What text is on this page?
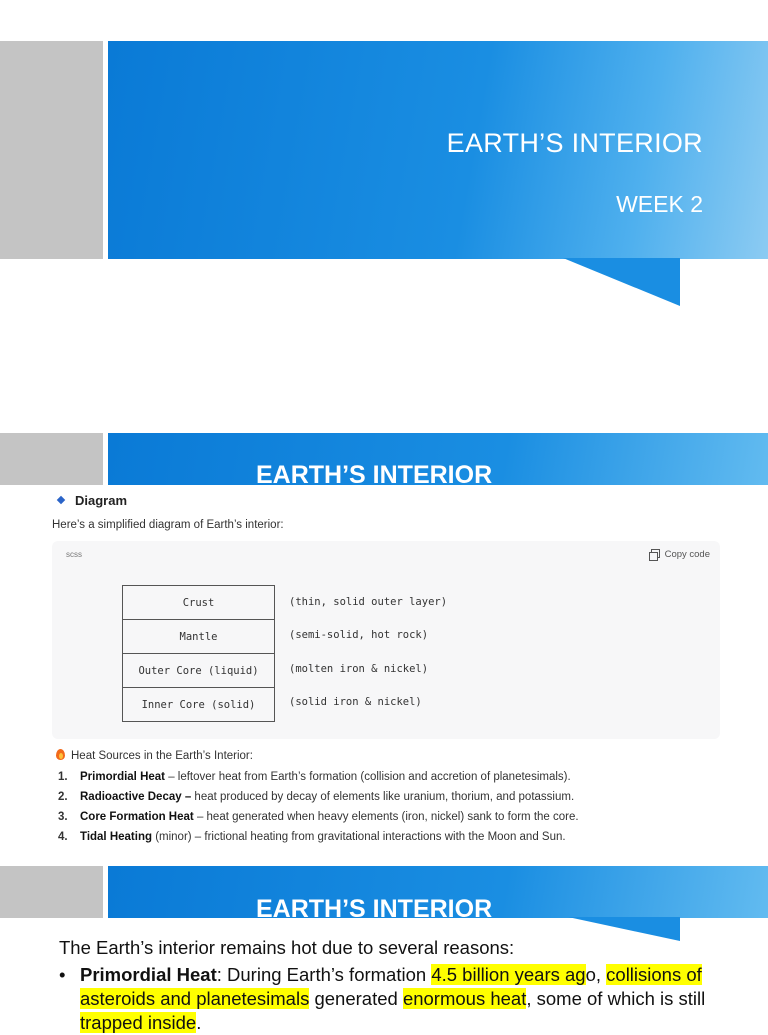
EARTH’S INTERIOR
WEEK 2
EARTH’S INTERIOR
Diagram
Here’s a simplified diagram of Earth’s interior:
scss	Copy code
Crust
Mantle
Outer Core (liquid)
Inner Core (solid)
(thin, solid outer layer)
(semi-solid, hot rock)
(molten iron & nickel)
(solid iron & nickel)
Heat Sources in the Earth’s Interior:
1. Primordial Heat – leftover heat from Earth’s formation (collision and accretion of planetesimals).
2. Radioactive Decay – heat produced by decay of elements like uranium, thorium, and potassium.
3. Core Formation Heat – heat generated when heavy elements (iron, nickel) sank to form the core.
4. Tidal Heating (minor) – frictional heating from gravitational interactions with the Moon and Sun.
EARTH’S INTERIOR
The Earth’s interior remains hot due to several reasons:
• Primordial Heat: During Earth’s formation 4.5 billion years ago, collisions of asteroids and planetesimals generated enormous heat, some of which is still trapped inside.
